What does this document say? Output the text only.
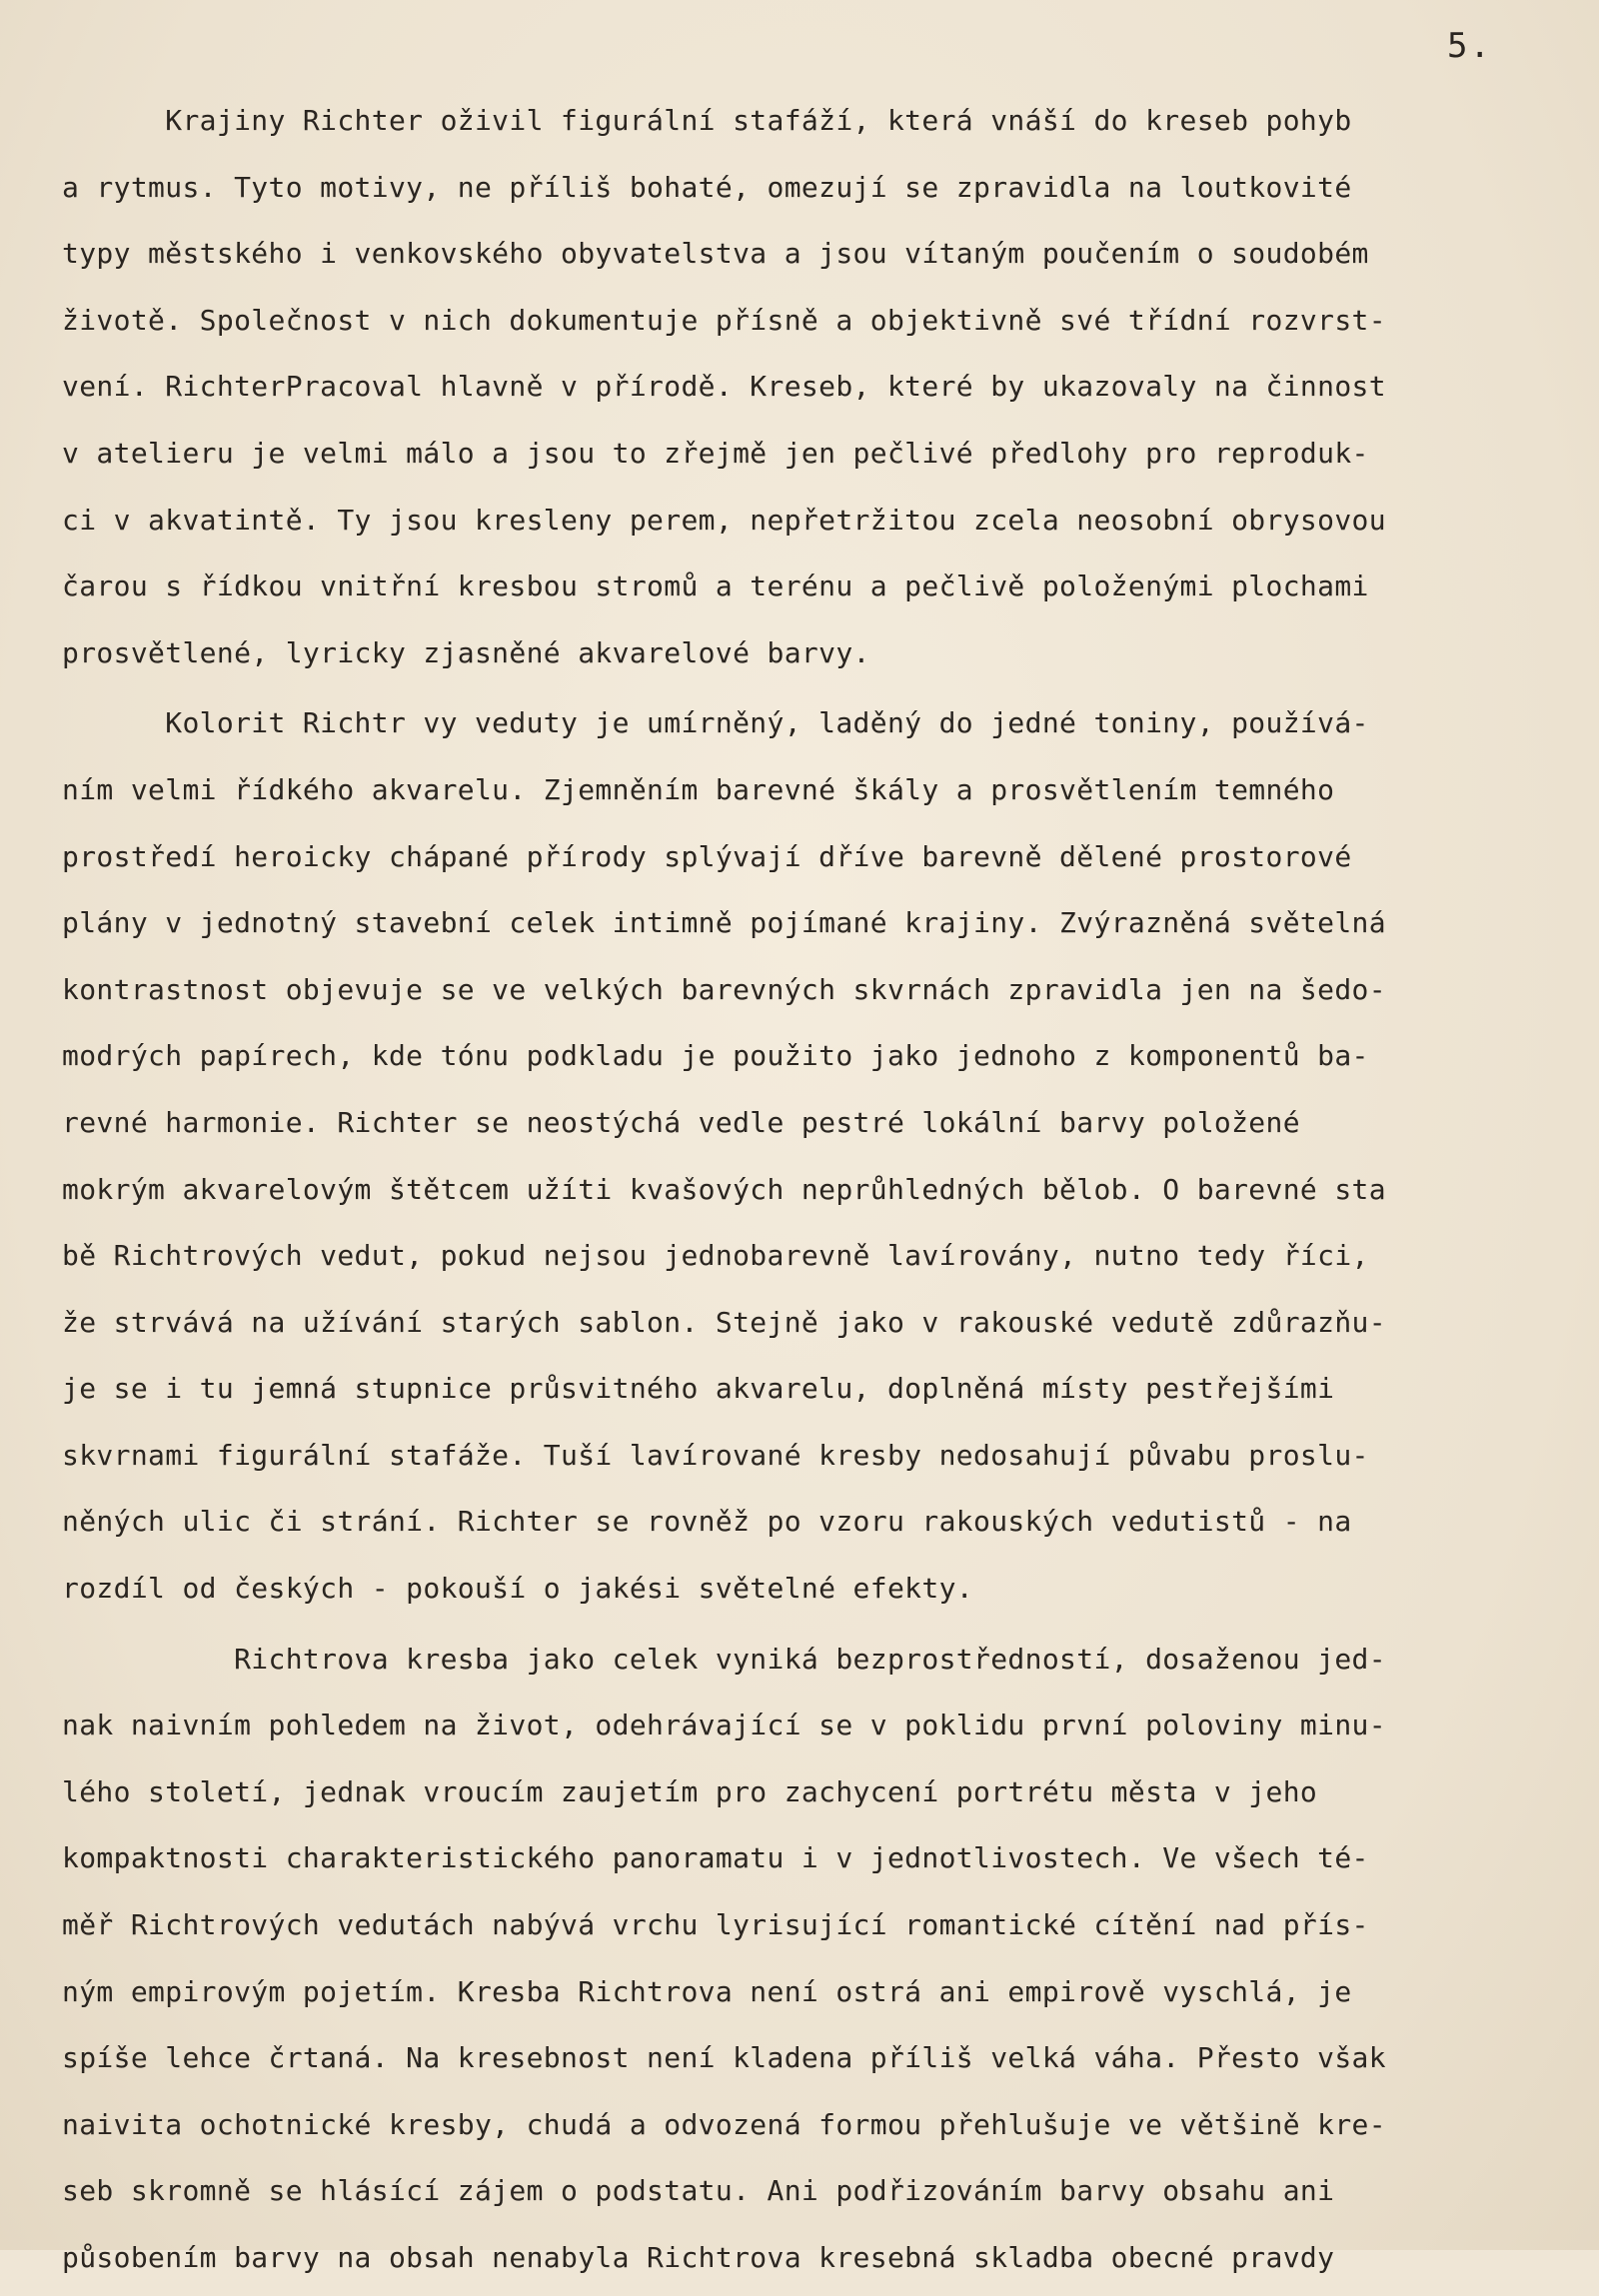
5.
Krajiny Richter oživil figurální stafáží, která vnáší do kreseb pohyb
a rytmus. Tyto motivy, ne příliš bohaté, omezují se zpravidla na loutkovité
typy městského i venkovského obyvatelstva a jsou vítaným poučením o soudobém
životě. Společnost v nich dokumentuje přísně a objektivně své třídní rozvrst-
vení. RichterPracoval hlavně v přírodě. Kreseb, které by ukazovaly na činnost
v atelieru je velmi málo a jsou to zřejmě jen pečlivé předlohy pro reproduk-
ci v akvatintě. Ty jsou kresleny perem, nepřetržitou zcela neosobní obrysovou
čarou s řídkou vnitřní kresbou stromů a terénu a pečlivě položenými plochami
prosvětlené, lyricky zjasněné akvarelové barvy.
Kolorit Richtr vy veduty je umírněný, laděný do jedné toniny, používá-
ním velmi řídkého akvarelu. Zjemněním barevné škály a prosvětlením temného
prostředí heroicky chápané přírody splývají dříve barevně dělené prostorové
plány v jednotný stavební celek intimně pojímané krajiny. Zvýrazněná světelná
kontrastnost objevuje se ve velkých barevných skvrnách zpravidla jen na šedo-
modrých papírech, kde tónu podkladu je použito jako jednoho z komponentů ba-
revné harmonie. Richter se neostýchá vedle pestré lokální barvy položené
mokrým akvarelovým štětcem užíti kvašových neprůhledných bělob. O barevné sta
bě Richtrových vedut, pokud nejsou jednobarevně lavírovány, nutno tedy říci,
že strvává na užívání starých sablon. Stejně jako v rakouské vedutě zdůrazňu-
je se i tu jemná stupnice průsvitného akvarelu, doplněná místy pestřejšími
skvrnami figurální stafáže. Tuší lavírované kresby nedosahují půvabu proslu-
něných ulic či strání. Richter se rovněž po vzoru rakouských vedutistů - na
rozdíl od českých - pokouší o jakési světelné efekty.
Richtrova kresba jako celek vyniká bezprostředností, dosaženou jed-
nak naivním pohledem na život, odehrávající se v poklidu první poloviny minu-
lého století, jednak vroucím zaujetím pro zachycení portrétu města v jeho
kompaktnosti charakteristického panoramatu i v jednotlivostech. Ve všech té-
měř Richtrových vedutách nabývá vrchu lyrisující romantické cítění nad přís-
ným empirovým pojetím. Kresba Richtrova není ostrá ani empirově vyschlá, je
spíše lehce črtaná. Na kresebnost není kladena příliš velká váha. Přesto však
naivita ochotnické kresby, chudá a odvozená formou přehlušuje ve většině kre-
seb skromně se hlásící zájem o podstatu. Ani podřizováním barvy obsahu ani
působením barvy na obsah nenabyla Richtrova kresebná skladba obecné pravdy
